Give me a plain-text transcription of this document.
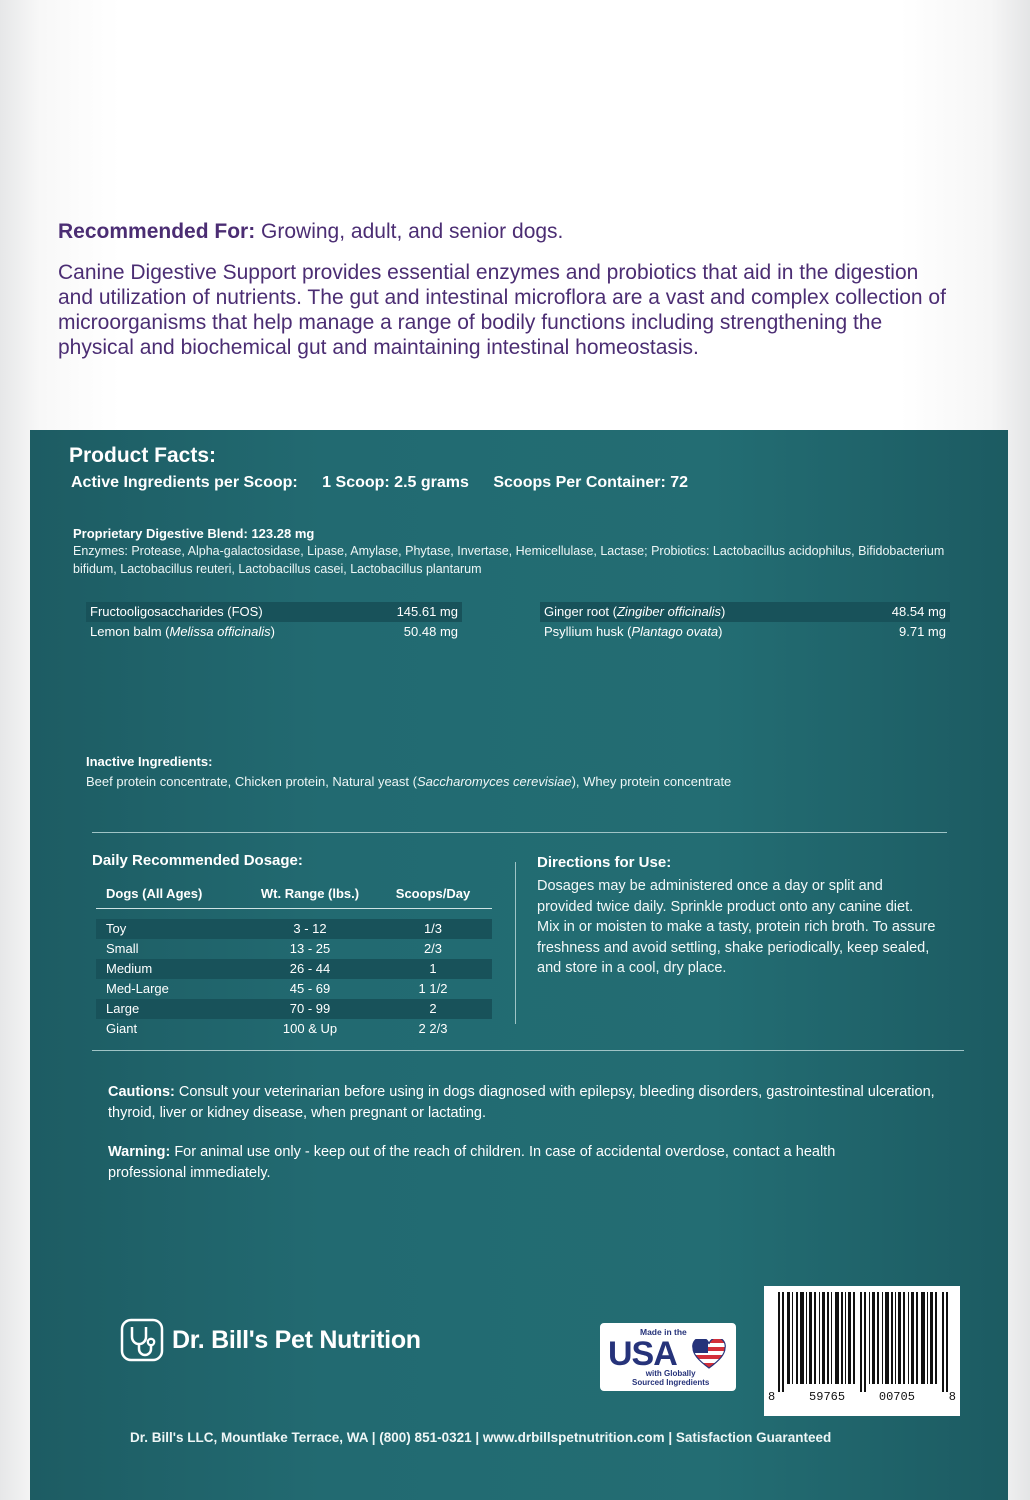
Recommended For: Growing, adult, and senior dogs.

Canine Digestive Support provides essential enzymes and probiotics that aid in the digestion and utilization of nutrients. The gut and intestinal microflora are a vast and complex collection of microorganisms that help manage a range of bodily functions including strengthening the physical and biochemical gut and maintaining intestinal homeostasis.

Product Facts:
Active Ingredients per Scoop: 1 Scoop: 2.5 grams Scoops Per Container: 72
Proprietary Digestive Blend: 123.28 mg

Enzymes: Protease, Alpha-galactosidase, Lipase, Amylase, Phytase, Invertase, Hemicellulase, Lactase; Probiotics: Lactobacillus acidophilus, Bifidobacterium bifidum, Lactobacillus reuteri, Lactobacillus casei, Lactobacillus plantarum

Fructooligosaccharides (FOS)	145.61 mg
Lemon balm (Melissa officinalis)	50.48 mg
Ginger root (Zingiber officinalis)	48.54 mg
Psyllium husk (Plantago ovata)	9.71 mg
Inactive Ingredients:
Beef protein concentrate, Chicken protein, Natural yeast (Saccharomyces cerevisiae), Whey protein concentrate
Daily Recommended Dosage:
Dogs (All Ages)	Wt. Range (lbs.)	Scoops/Day
Toy	3 - 12	1/3
Small	13 - 25	2/3
Medium	26 - 44	1
Med-Large	45 - 69	1 1/2
Large	70 - 99	2
Giant	100 & Up	2 2/3
Directions for Use:

Dosages may be administered once a day or split and provided twice daily. Sprinkle product onto any canine diet. Mix in or moisten to make a tasty, protein rich broth. To assure freshness and avoid settling, shake periodically, keep sealed, and store in a cool, dry place.

Cautions: Consult your veterinarian before using in dogs diagnosed with epilepsy, bleeding disorders, gastrointestinal ulceration, thyroid, liver or kidney disease, when pregnant or lactating.

Warning: For animal use only - keep out of the reach of children. In case of accidental overdose, contact a health professional immediately.

Dr. Bill's Pet Nutrition	Made in the
USA
with Globally
Sourced Ingredients
8	59765	00705	8
Dr. Bill's LLC, Mountlake Terrace, WA | (800) 851-0321 | www.drbillspetnutrition.com | Satisfaction Guaranteed
